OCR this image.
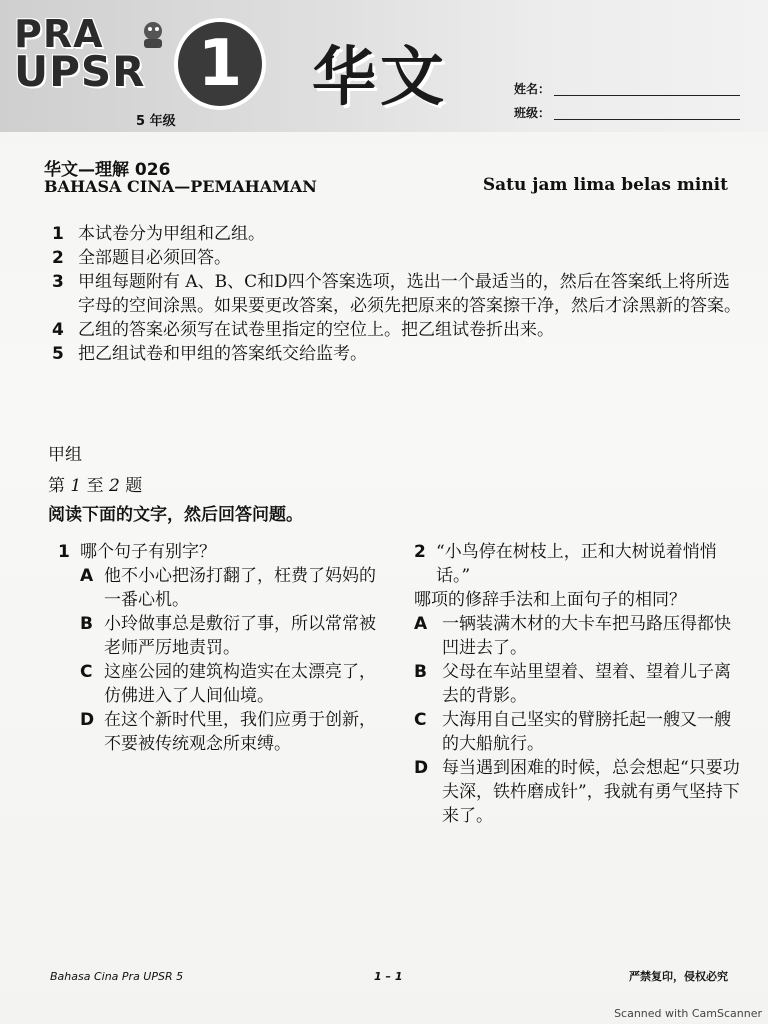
PRA
UPSR 1
5 年级
华文	姓名：
班级：
华文—理解 026
BAHASA CINA—PEMAHAMAN	Satu jam lima belas minit
1 本试卷分为甲组和乙组。
2 全部题目必须回答。
3 甲组每题附有 A、B、C和D四个答案选项，选出一个最适当的，然后在答案纸上将所选字母的空间涂黑。如果要更改答案，必须先把原来的答案擦干净，然后才涂黑新的答案。
4 乙组的答案必须写在试卷里指定的空位上。把乙组试卷折出来。
5 把乙组试卷和甲组的答案纸交给监考。
甲组
第 1 至 2 题
阅读下面的文字，然后回答问题。
1 哪个句子有别字？
A 他不小心把汤打翻了，枉费了妈妈的一番心机。
B 小玲做事总是敷衍了事，所以常常被老师严厉地责罚。
C 这座公园的建筑构造实在太漂亮了，仿佛进入了人间仙境。
D 在这个新时代里，我们应勇于创新，不要被传统观念所束缚。
2 “小鸟停在树枝上，正和大树说着悄悄话。”
哪项的修辞手法和上面句子的相同？
A 一辆装满木材的大卡车把马路压得都快凹进去了。
B 父母在车站里望着、望着、望着儿子离去的背影。
C 大海用自己坚实的臂膀托起一艘又一艘的大船航行。
D 每当遇到困难的时候，总会想起“只要功夫深，铁杵磨成针”，我就有勇气坚持下来了。
Bahasa Cina Pra UPSR 5	1 – 1	严禁复印，侵权必究
Scanned with CamScanner
